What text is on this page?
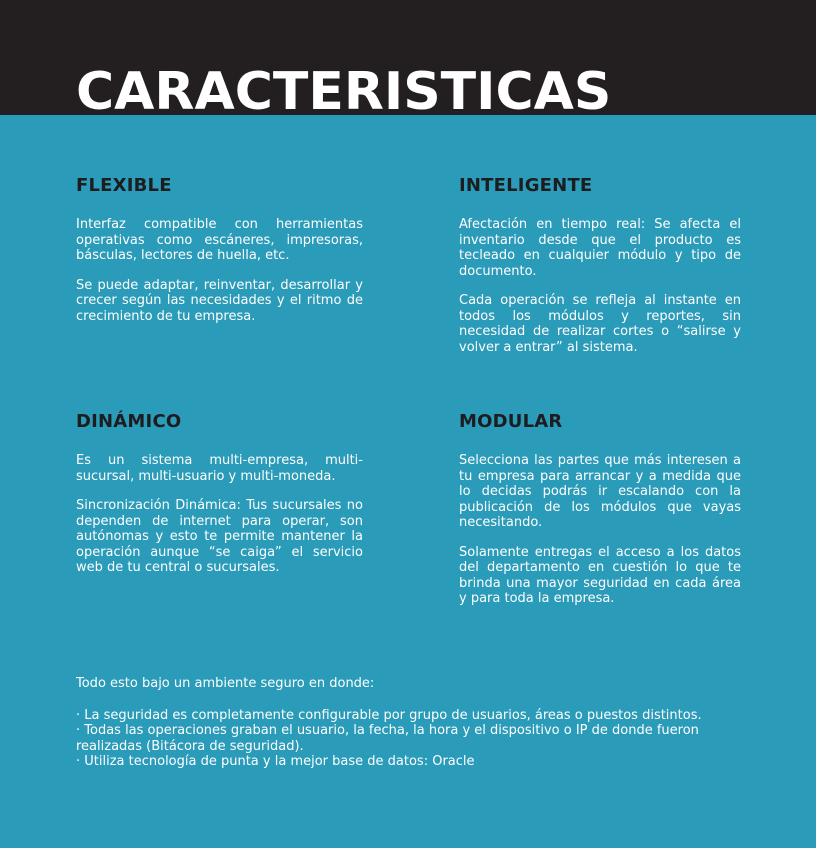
CARACTERISTICAS
FLEXIBLE

Interfaz compatible con herramientas operativas como escáneres, impresoras, básculas, lectores de huella, etc.

Se puede adaptar, reinventar, desarrollar y crecer según las necesidades y el ritmo de crecimiento de tu empresa.

INTELIGENTE

Afectación en tiempo real: Se afecta el inventario desde que el producto es tecleado en cualquier módulo y tipo de documento.

Cada operación se refleja al instante en todos los módulos y reportes, sin necesidad de realizar cortes o “salirse y volver a entrar” al sistema.

DINÁMICO

Es un sistema multi-empresa, multi-sucursal, multi-usuario y multi-moneda.

Sincronización Dinámica: Tus sucursales no dependen de internet para operar, son autónomas y esto te permite mantener la operación aunque “se caiga” el servicio web de tu central o sucursales.

MODULAR

Selecciona las partes que más interesen a tu empresa para arrancar y a medida que lo decidas podrás ir escalando con la publicación de los módulos que vayas necesitando.

Solamente entregas el acceso a los datos del departamento en cuestión lo que te brinda una mayor seguridad en cada área y para toda la empresa.

Todo esto bajo un ambiente seguro en donde:

· La seguridad es completamente configurable por grupo de usuarios, áreas o puestos distintos.

· Todas las operaciones graban el usuario, la fecha, la hora y el dispositivo o IP de donde fueron realizadas (Bitácora de seguridad).

· Utiliza tecnología de punta y la mejor base de datos: Oracle
